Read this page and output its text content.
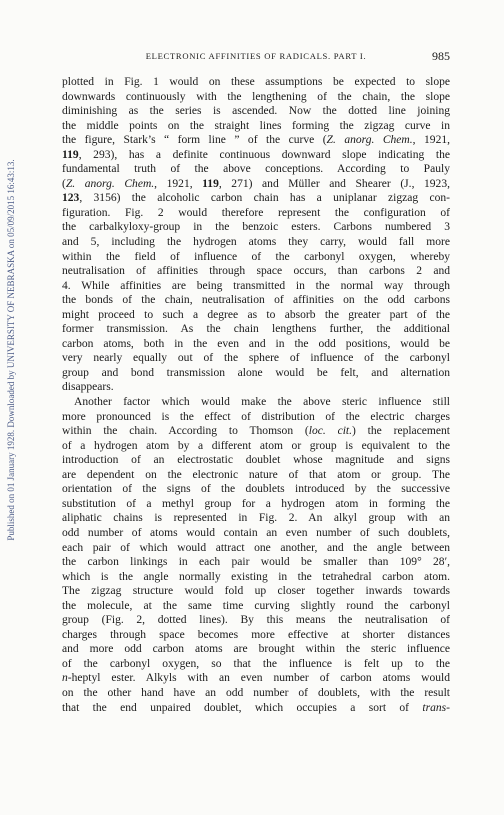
ELECTRONIC AFFINITIES OF RADICALS. PART I.	985
Published on 01 January 1928. Downloaded by UNIVERSITY OF NEBRASKA on 05/09/2015 16:43:13.
plotted in Fig. 1 would on these assumptions be expected to slope
downwards continuously with the lengthening of the chain, the slope
diminishing as the series is ascended. Now the dotted line joining
the middle points on the straight lines forming the zigzag curve in
the figure, Stark’s “ form line ” of the curve (Z. anorg. Chem., 1921,
119, 293), has a definite continuous downward slope indicating the
fundamental truth of the above conceptions. According to Pauly
(Z. anorg. Chem., 1921, 119, 271) and Müller and Shearer (J., 1923,
123, 3156) the alcoholic carbon chain has a uniplanar zigzag con-
figuration. Fig. 2 would therefore represent the configuration of
the carbalkyloxy-group in the benzoic esters. Carbons numbered 3
and 5, including the hydrogen atoms they carry, would fall more
within the field of influence of the carbonyl oxygen, whereby
neutralisation of affinities through space occurs, than carbons 2 and
4. While affinities are being transmitted in the normal way through
the bonds of the chain, neutralisation of affinities on the odd carbons
might proceed to such a degree as to absorb the greater part of the
former transmission. As the chain lengthens further, the additional
carbon atoms, both in the even and in the odd positions, would be
very nearly equally out of the sphere of influence of the carbonyl
group and bond transmission alone would be felt, and alternation
disappears.
Another factor which would make the above steric influence still
more pronounced is the effect of distribution of the electric charges
within the chain. According to Thomson (loc. cit.) the replacement
of a hydrogen atom by a different atom or group is equivalent to the
introduction of an electrostatic doublet whose magnitude and signs
are dependent on the electronic nature of that atom or group. The
orientation of the signs of the doublets introduced by the successive
substitution of a methyl group for a hydrogen atom in forming the
aliphatic chains is represented in Fig. 2. An alkyl group with an
odd number of atoms would contain an even number of such doublets,
each pair of which would attract one another, and the angle between
the carbon linkings in each pair would be smaller than 109° 28′,
which is the angle normally existing in the tetrahedral carbon atom.
The zigzag structure would fold up closer together inwards towards
the molecule, at the same time curving slightly round the carbonyl
group (Fig. 2, dotted lines). By this means the neutralisation of
charges through space becomes more effective at shorter distances
and more odd carbon atoms are brought within the steric influence
of the carbonyl oxygen, so that the influence is felt up to the
n-heptyl ester. Alkyls with an even number of carbon atoms would
on the other hand have an odd number of doublets, with the result
that the end unpaired doublet, which occupies a sort of trans-
